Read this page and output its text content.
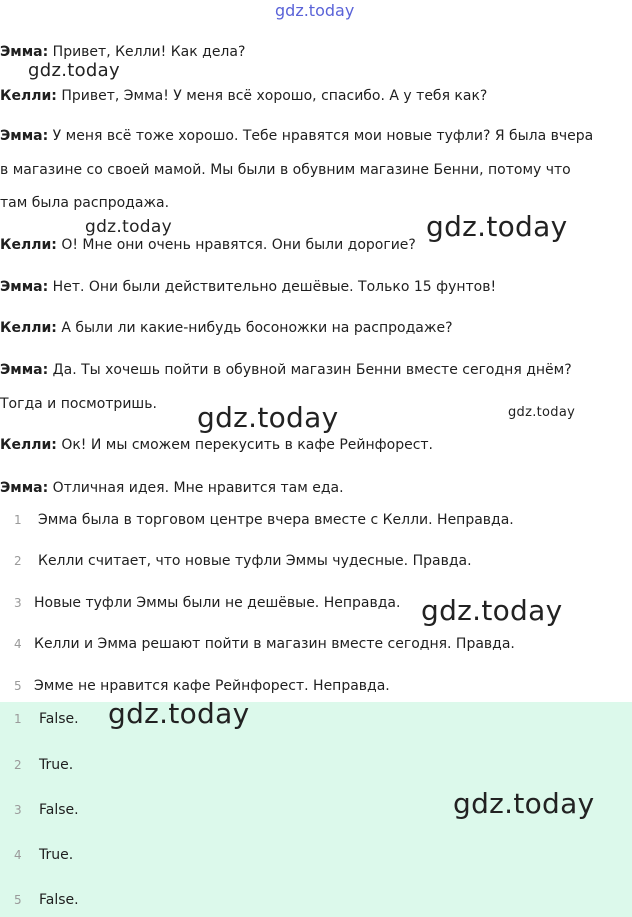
gdz.today
gdz.today
gdz.today	gdz.today
gdz.today	gdz.today
gdz.today
Эмма: Привет, Келли! Как дела?
Келли: Привет, Эмма! У меня всё хорошо, спасибо. А у тебя как?
Эмма: У меня всё тоже хорошо. Тебе нравятся мои новые туфли? Я была вчера
в магазине со своей мамой. Мы были в обувним магазине Бенни, потому что
там была распродажа.
Келли: О! Мне они очень нравятся. Они были дорогие?
Эмма: Нет. Они были действительно дешёвые. Только 15 фунтов!
Келли: А были ли какие-нибудь босоножки на распродаже?
Эмма: Да. Ты хочешь пойти в обувной магазин Бенни вместе сегодня днём?
Тогда и посмотришь.
Келли: Ок! И мы сможем перекусить в кафе Рейнфорест.
Эмма: Отличная идея. Мне нравится там еда.
1 Эмма была в торговом центре вчера вместе с Келли. Неправда.
2 Келли считает, что новые туфли Эммы чудесные. Правда.
3 Новые туфли Эммы были не дешёвые. Неправда.
4 Келли и Эмма решают пойти в магазин вместе сегодня. Правда.
5 Эмме не нравится кафе Рейнфорест. Неправда.
1 False.
2 True.
3 False.
4 True.
5 False.
gdz.today
gdz.today
